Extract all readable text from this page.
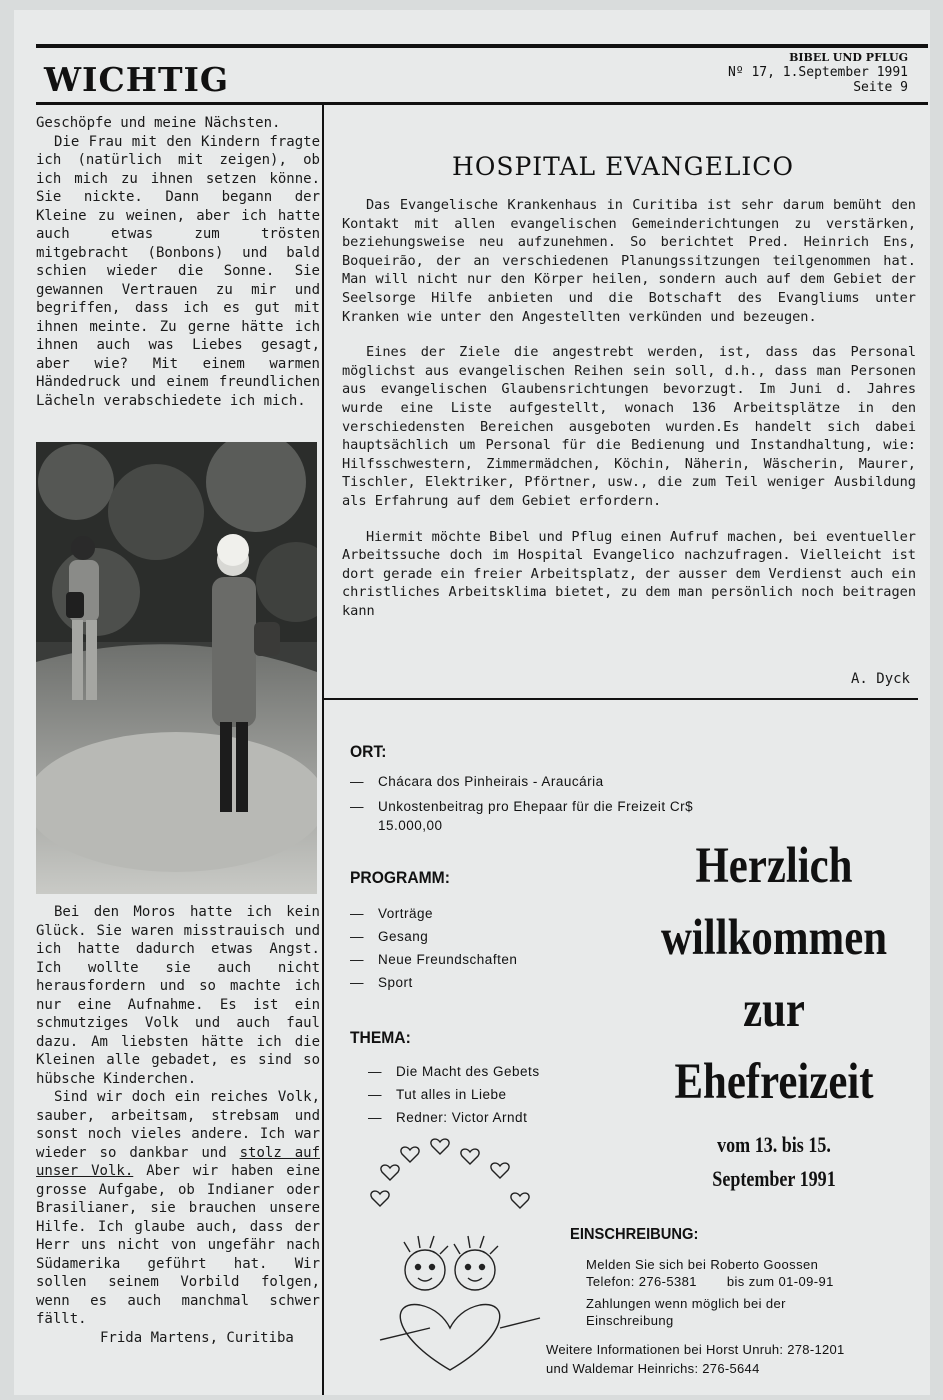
WICHTIG
BIBEL UND PFLUG
Nº 17, 1.September 1991
Seite 9

Geschöpfe und meine Nächsten.

Die Frau mit den Kindern fragte ich (natürlich mit zeigen), ob ich mich zu ihnen setzen könne. Sie nickte. Dann begann der Kleine zu weinen, aber ich hatte auch etwas zum trösten mitgebracht (Bonbons) und bald schien wieder die Sonne. Sie gewannen Vertrauen zu mir und begriffen, dass ich es gut mit ihnen meinte. Zu gerne hätte ich ihnen auch was Liebes gesagt, aber wie? Mit einem warmen Händedruck und einem freundlichen Lächeln verabschiedete ich mich.

Bei den Moros hatte ich kein Glück. Sie waren misstrauisch und ich hatte dadurch etwas Angst. Ich wollte sie auch nicht herausfordern und so machte ich nur eine Aufnahme. Es ist ein schmutziges Volk und auch faul dazu. Am liebsten hätte ich die Kleinen alle gebadet, es sind so hübsche Kinderchen.

Sind wir doch ein reiches Volk, sauber, arbeitsam, strebsam und sonst noch vieles andere. Ich war wieder so dankbar und stolz auf unser Volk. Aber wir haben eine grosse Aufgabe, ob Indianer oder Brasilianer, sie brauchen unsere Hilfe. Ich glaube auch, dass der Herr uns nicht von ungefähr nach Südamerika geführt hat. Wir sollen seinem Vorbild folgen, wenn es auch manchmal schwer fällt.

Frida Martens, Curitiba

HOSPITAL EVANGELICO

Das Evangelische Krankenhaus in Curitiba ist sehr darum bemüht den Kontakt mit allen evangelischen Gemeinderichtungen zu verstärken, beziehungsweise neu aufzunehmen. So berichtet Pred. Heinrich Ens, Boqueirão, der an verschiedenen Planungssitzungen teilgenommen hat. Man will nicht nur den Körper heilen, sondern auch auf dem Gebiet der Seelsorge Hilfe anbieten und die Botschaft des Evangliums unter Kranken wie unter den Angestellten verkünden und bezeugen.

Eines der Ziele die angestrebt werden, ist, dass das Personal möglichst aus evangelischen Reihen sein soll, d.h., dass man Personen aus evangelischen Glaubensrichtungen bevorzugt. Im Juni d. Jahres wurde eine Liste aufgestellt, wonach 136 Arbeitsplätze in den verschiedensten Bereichen ausgeboten wurden.Es handelt sich dabei hauptsächlich um Personal für die Bedienung und Instandhaltung, wie: Hilfsschwestern, Zimmermädchen, Köchin, Näherin, Wäscherin, Maurer, Tischler, Elektriker, Pförtner, usw., die zum Teil weniger Ausbildung als Erfahrung auf dem Gebiet erfordern.

Hiermit möchte Bibel und Pflug einen Aufruf machen, bei eventueller Arbeitssuche doch im Hospital Evangelico nachzufragen. Vielleicht ist dort gerade ein freier Arbeitsplatz, der ausser dem Verdienst auch ein christliches Arbeitsklima bietet, zu dem man persönlich noch beitragen kann

A. Dyck
ORT:
— Chácara dos Pinheirais - Araucária
— Unkostenbeitrag pro Ehepaar für die Freizeit Cr$ 15.000,00
PROGRAMM:
— Vorträge
— Gesang
— Neue Freundschaften
— Sport
THEMA:
— Die Macht des Gebets
— Tut alles in Liebe
— Redner: Victor Arndt
Herzlich
willkommen
zur
Ehefreizeit
vom 13. bis 15.
September 1991
EINSCHREIBUNG:
Melden Sie sich bei Roberto Goossen
Telefon: 276-5381 bis zum 01-09-91
Zahlungen wenn möglich bei der
Einschreibung
Weitere Informationen bei Horst Unruh: 278-1201
und Waldemar Heinrichs: 276-5644
